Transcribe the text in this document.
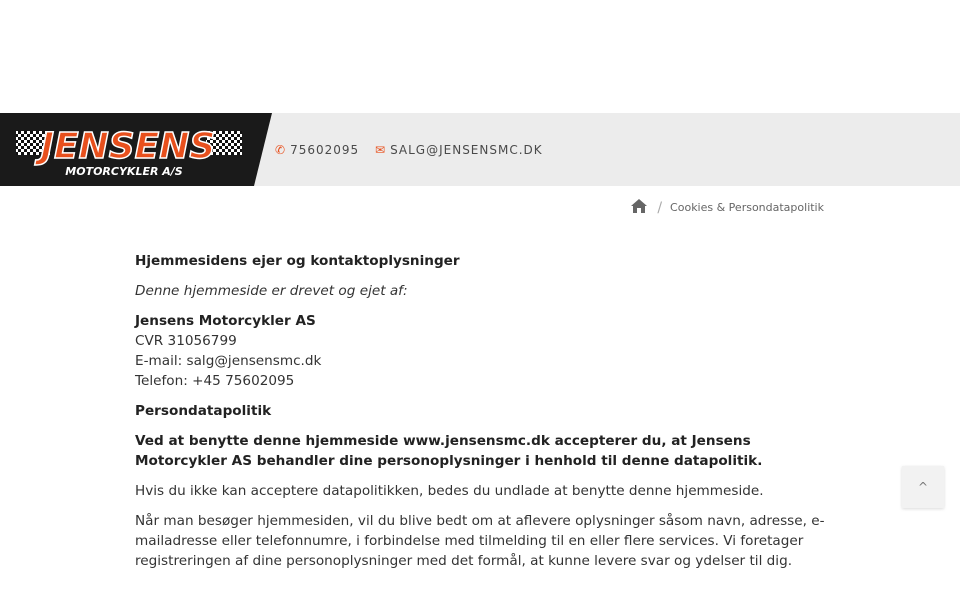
JENSENS
MOTORCYKLER A/S
✆ 75602095 ✉ SALG@JENSENSMC.DK
/ Cookies & Persondatapolitik

Hjemmesidens ejer og kontaktoplysninger

Denne hjemmeside er drevet og ejet af:

Jensens Motorcykler AS
CVR 31056799
E-mail: salg@jensensmc.dk
Telefon: +45 75602095

Persondatapolitik

Ved at benytte denne hjemmeside www.jensensmc.dk accepterer du, at Jensens Motorcykler AS behandler dine personoplysninger i henhold til denne datapolitik.

Hvis du ikke kan acceptere datapolitikken, bedes du undlade at benytte denne hjemmeside.

Når man besøger hjemmesiden, vil du blive bedt om at aflevere oplysninger såsom navn, adresse, e-mailadresse eller telefonnumre, i forbindelse med tilmelding til en eller flere services. Vi foretager registreringen af dine personoplysninger med det formål, at kunne levere svar og ydelser til dig.

^
